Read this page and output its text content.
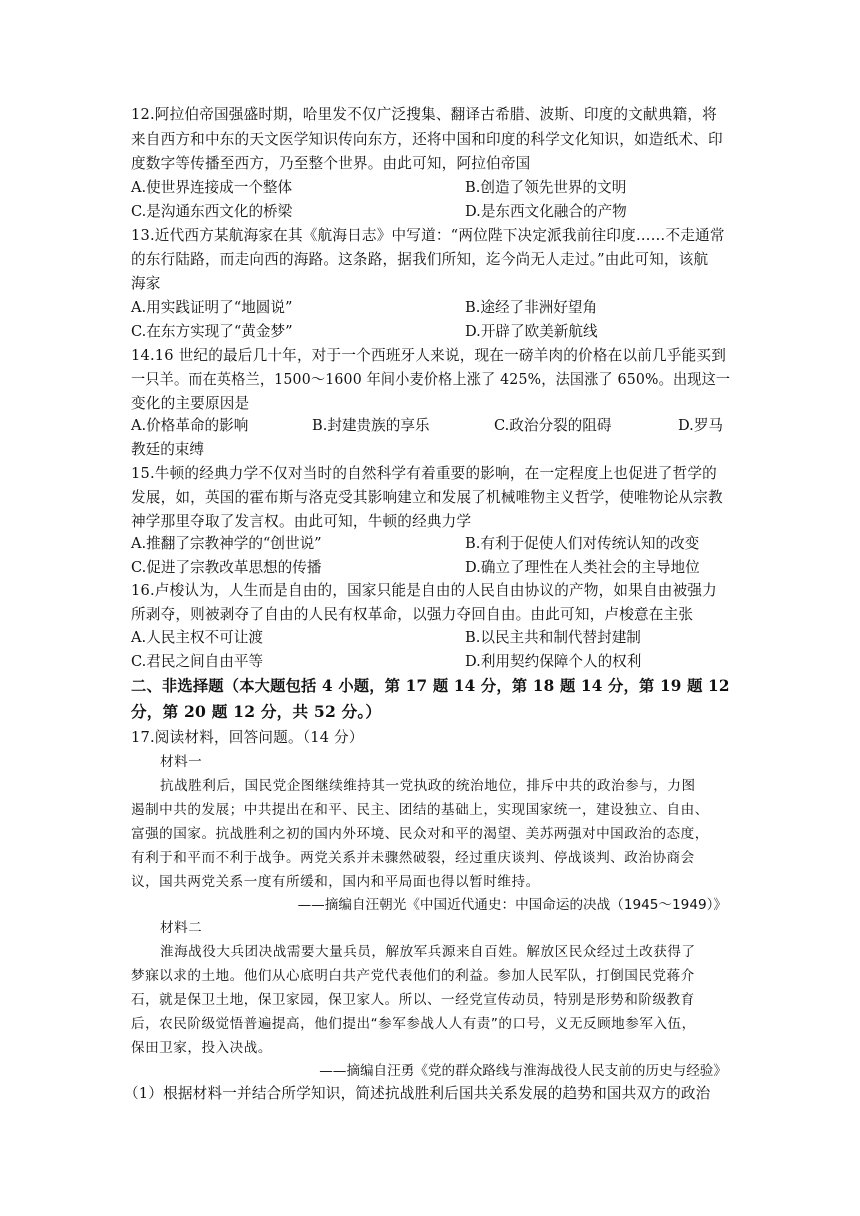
12.阿拉伯帝国强盛时期，哈里发不仅广泛搜集、翻译古希腊、波斯、印度的文献典籍，将
来自西方和中东的天文医学知识传向东方，还将中国和印度的科学文化知识，如造纸术、印
度数字等传播至西方，乃至整个世界。由此可知，阿拉伯帝国
A.使世界连接成一个整体	B.创造了领先世界的文明
C.是沟通东西文化的桥梁	D.是东西文化融合的产物
13.近代西方某航海家在其《航海日志》中写道：“两位陛下决定派我前往印度……不走通常
的东行陆路，而走向西的海路。这条路，据我们所知，迄今尚无人走过。”由此可知，该航
海家
A.用实践证明了“地圆说”	B.途经了非洲好望角
C.在东方实现了“黄金梦”	D.开辟了欧美新航线
14.16 世纪的最后几十年，对于一个西班牙人来说，现在一磅羊肉的价格在以前几乎能买到
一只羊。而在英格兰，1500～1600 年间小麦价格上涨了 425%，法国涨了 650%。出现这一
变化的主要原因是
A.价格革命的影响	B.封建贵族的享乐	C.政治分裂的阻碍	D.罗马
教廷的束缚
15.牛顿的经典力学不仅对当时的自然科学有着重要的影响，在一定程度上也促进了哲学的
发展，如，英国的霍布斯与洛克受其影响建立和发展了机械唯物主义哲学，使唯物论从宗教
神学那里夺取了发言权。由此可知，牛顿的经典力学
A.推翻了宗教神学的“创世说”	B.有利于促使人们对传统认知的改变
C.促进了宗教改革思想的传播	D.确立了理性在人类社会的主导地位
16.卢梭认为，人生而是自由的，国家只能是自由的人民自由协议的产物，如果自由被强力
所剥夺，则被剥夺了自由的人民有权革命，以强力夺回自由。由此可知，卢梭意在主张
A.人民主权不可让渡	B.以民主共和制代替封建制
C.君民之间自由平等	D.利用契约保障个人的权利
二、非选择题（本大题包括 4 小题，第 17 题 14 分，第 18 题 14 分，第 19 题 12
分，第 20 题 12 分，共 52 分。）
17.阅读材料，回答问题。（14 分）
材料一
抗战胜利后，国民党企图继续维持其一党执政的统治地位，排斥中共的政治参与，力图
遏制中共的发展；中共提出在和平、民主、团结的基础上，实现国家统一，建设独立、自由、
富强的国家。抗战胜利之初的国内外环境、民众对和平的渴望、美苏两强对中国政治的态度，
有利于和平而不利于战争。两党关系并未骤然破裂，经过重庆谈判、停战谈判、政治协商会
议，国共两党关系一度有所缓和，国内和平局面也得以暂时维持。
——摘编自汪朝光《中国近代通史：中国命运的决战（1945～1949）》
材料二
淮海战役大兵团决战需要大量兵员，解放军兵源来自百姓。解放区民众经过土改获得了
梦寐以求的土地。他们从心底明白共产党代表他们的利益。参加人民军队，打倒国民党蒋介
石，就是保卫土地，保卫家园，保卫家人。所以、一经党宣传动员，特别是形势和阶级教育
后，农民阶级觉悟普遍提高，他们提出“参军参战人人有责”的口号，义无反顾地参军入伍，
保田卫家，投入决战。
——摘编自汪勇《党的群众路线与淮海战役人民支前的历史与经验》
（1）根据材料一并结合所学知识，简述抗战胜利后国共关系发展的趋势和国共双方的政治
